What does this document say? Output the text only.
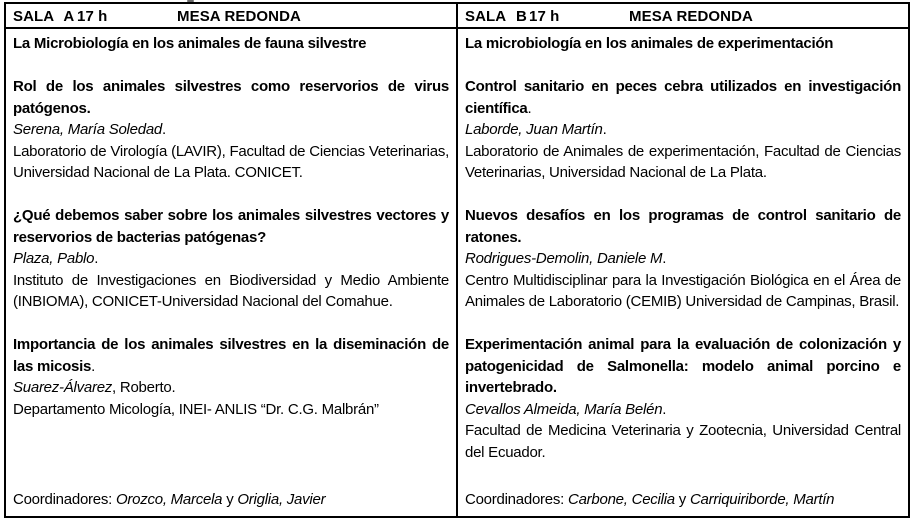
SALA A 17 h	MESA REDONDA
La Microbiología en los animales de fauna silvestre
Rol de los animales silvestres como reservorios de virus patógenos.
Serena, María Soledad.
Laboratorio de Virología (LAVIR), Facultad de Ciencias Veterinarias, Universidad Nacional de La Plata. CONICET.
¿Qué debemos saber sobre los animales silvestres vectores y reservorios de bacterias patógenas?
Plaza, Pablo.
Instituto de Investigaciones en Biodiversidad y Medio Ambiente (INBIOMA), CONICET-Universidad Nacional del Comahue.
Importancia de los animales silvestres en la diseminación de las micosis.
Suarez-Álvarez, Roberto.
Departamento Micología, INEI- ANLIS “Dr. C.G. Malbrán”
Coordinadores: Orozco, Marcela y Origlia, Javier
SALA B 17 h	MESA REDONDA
La microbiología en los animales de experimentación
Control sanitario en peces cebra utilizados en investigación científica.
Laborde, Juan Martín.
Laboratorio de Animales de experimentación, Facultad de Ciencias Veterinarias, Universidad Nacional de La Plata.
Nuevos desafíos en los programas de control sanitario de ratones.
Rodrigues-Demolin, Daniele M.
Centro Multidisciplinar para la Investigación Biológica en el Área de Animales de Laboratorio (CEMIB) Universidad de Campinas, Brasil.
Experimentación animal para la evaluación de colonización y patogenicidad de Salmonella: modelo animal porcino e invertebrado.
Cevallos Almeida, María Belén.
Facultad de Medicina Veterinaria y Zootecnia, Universidad Central del Ecuador.
Coordinadores: Carbone, Cecilia y Carriquiriborde, Martín
